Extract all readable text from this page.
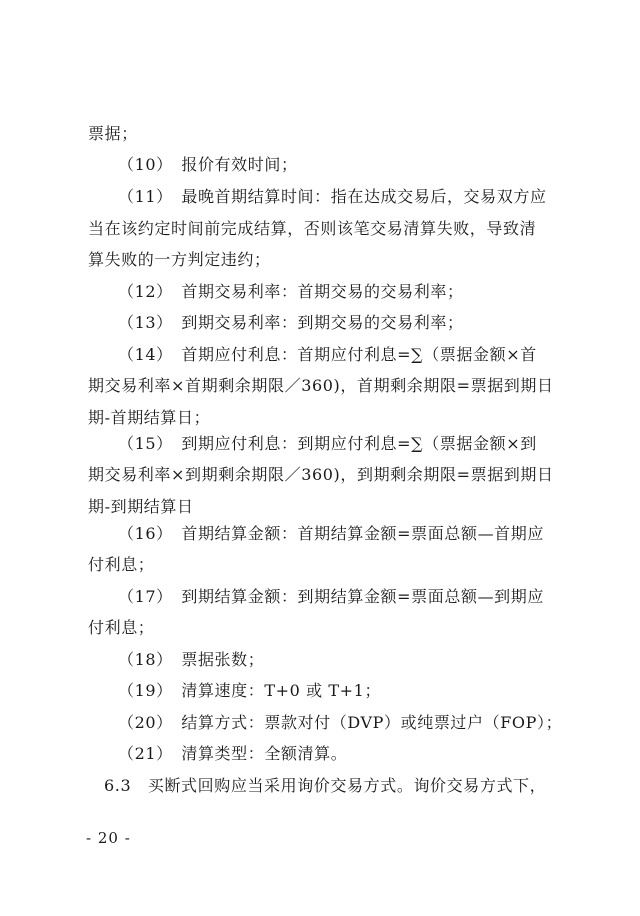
票据；
（10）　报价有效时间；
（11）　最晚首期结算时间：指在达成交易后，交易双方应
当在该约定时间前完成结算，否则该笔交易清算失败，导致清
算失败的一方判定违约；
（12）　首期交易利率：首期交易的交易利率；
（13）　到期交易利率：到期交易的交易利率；
（14）　首期应付利息：首期应付利息=∑（票据金额×首
期交易利率×首期剩余期限／360)，首期剩余期限=票据到期日
期-首期结算日；
（15）　到期应付利息：到期应付利息=∑（票据金额×到
期交易利率×到期剩余期限／360)，到期剩余期限=票据到期日
期-到期结算日
（16）　首期结算金额：首期结算金额=票面总额—首期应
付利息；
（17）　到期结算金额：到期结算金额=票面总额—到期应
付利息；
（18）　票据张数；
（19）　清算速度：T+0 或 T+1；
（20）　结算方式：票款对付（DVP）或纯票过户（FOP）；
（21）　清算类型：全额清算。
6.3　买断式回购应当采用询价交易方式。询价交易方式下，
- 20 -
